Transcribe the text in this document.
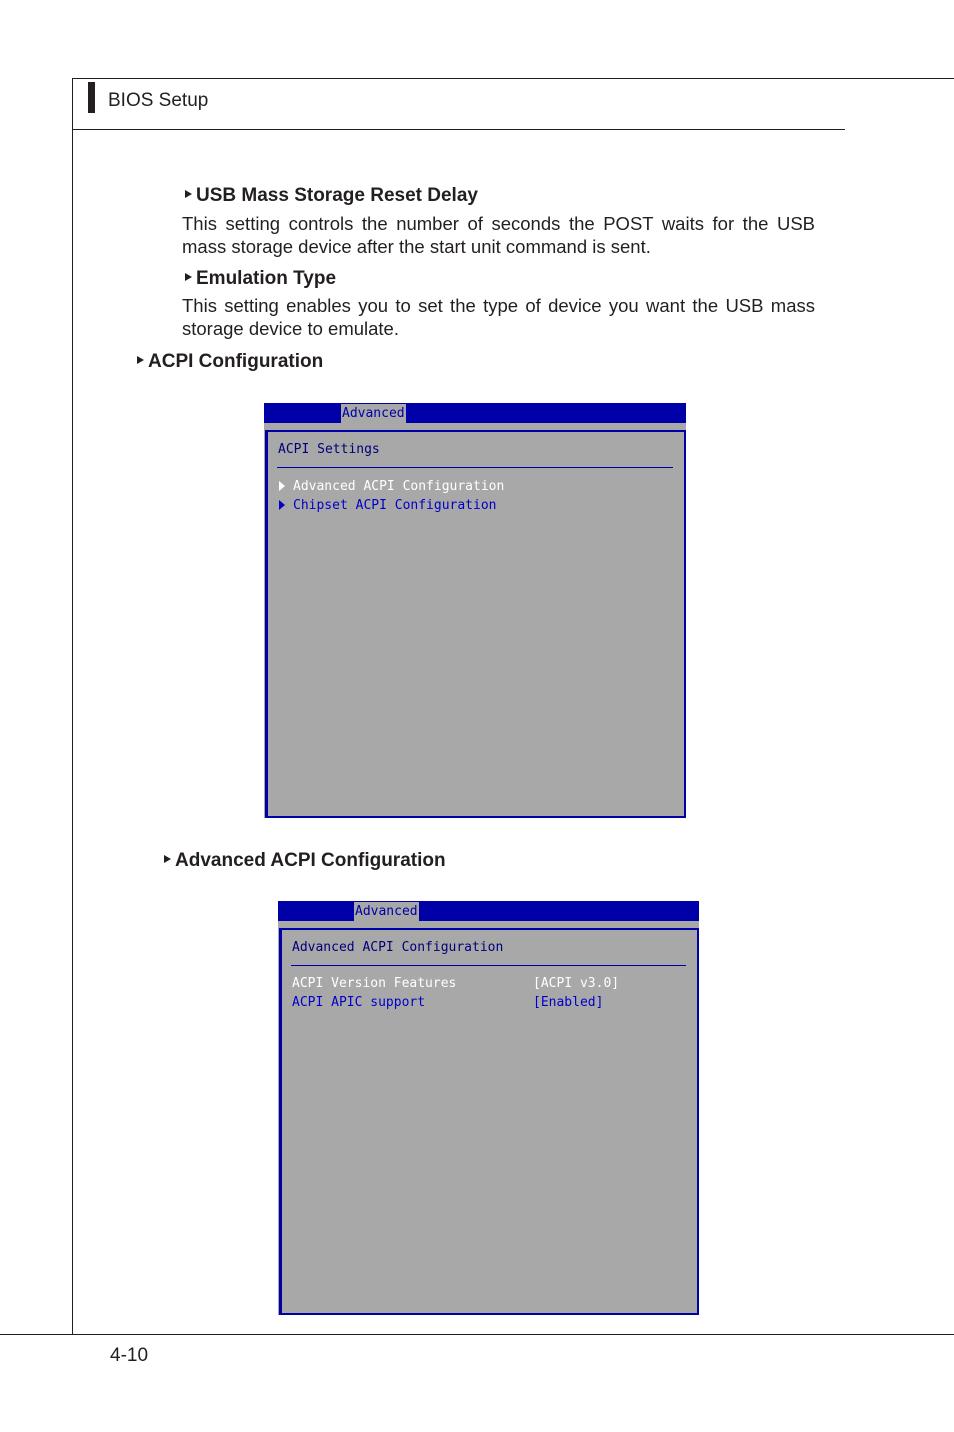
BIOS Setup
USB Mass Storage Reset Delay
This setting controls the number of seconds the POST waits for the USB mass storage device after the start unit command is sent.
Emulation Type
This setting enables you to set the type of device you want the USB mass storage device to emulate.
ACPI Configuration
Advanced
ACPI Settings
Advanced ACPI Configuration
Chipset ACPI Configuration
Advanced ACPI Configuration
Advanced
Advanced ACPI Configuration
ACPI Version Features	[ACPI v3.0]
ACPI APIC support	[Enabled]
4-10
